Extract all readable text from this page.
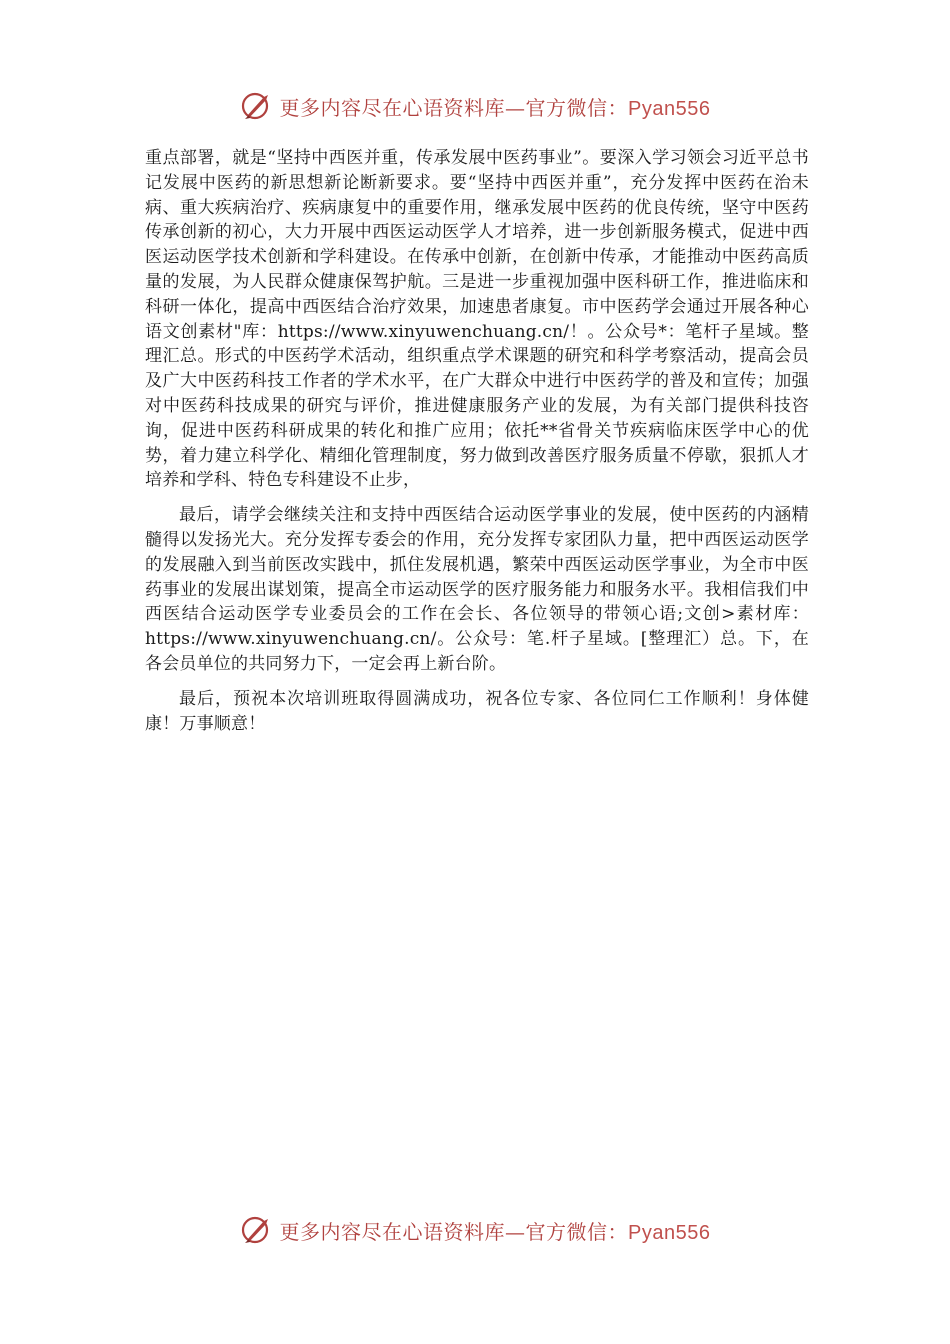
更多内容尽在心语资料库—官方微信：Pyan556

重点部署，就是“坚持中西医并重，传承发展中医药事业”。要深入学习领会习近平总书记发展中医药的新思想新论断新要求。要“坚持中西医并重”，充分发挥中医药在治未病、重大疾病治疗、疾病康复中的重要作用，继承发展中医药的优良传统，坚守中医药传承创新的初心，大力开展中西医运动医学人才培养，进一步创新服务模式，促进中西医运动医学技术创新和学科建设。在传承中创新，在创新中传承，才能推动中医药高质量的发展，为人民群众健康保驾护航。三是进一步重视加强中医科研工作，推进临床和科研一体化，提高中西医结合治疗效果，加速患者康复。市中医药学会通过开展各种心语文创素材"库：https://www.xinyuwenchuang.cn/！。公众号*：笔杆子星域。整理汇总。形式的中医药学术活动，组织重点学术课题的研究和科学考察活动，提高会员及广大中医药科技工作者的学术水平，在广大群众中进行中医药学的普及和宣传；加强对中医药科技成果的研究与评价，推进健康服务产业的发展，为有关部门提供科技咨询，促进中医药科研成果的转化和推广应用；依托**省骨关节疾病临床医学中心的优势，着力建立科学化、精细化管理制度，努力做到改善医疗服务质量不停歇，狠抓人才培养和学科、特色专科建设不止步，

最后，请学会继续关注和支持中西医结合运动医学事业的发展，使中医药的内涵精髓得以发扬光大。充分发挥专委会的作用，充分发挥专家团队力量，把中西医运动医学的发展融入到当前医改实践中，抓住发展机遇，繁荣中西医运动医学事业，为全市中医药事业的发展出谋划策，提高全市运动医学的医疗服务能力和服务水平。我相信我们中西医结合运动医学专业委员会的工作在会长、各位领导的带领心语;文创>素材库：https://www.xinyuwenchuang.cn/。公众号：笔.杆子星域。[整理汇）总。下，在各会员单位的共同努力下，一定会再上新台阶。

最后，预祝本次培训班取得圆满成功，祝各位专家、各位同仁工作顺利！身体健康！万事顺意！

更多内容尽在心语资料库—官方微信：Pyan556
